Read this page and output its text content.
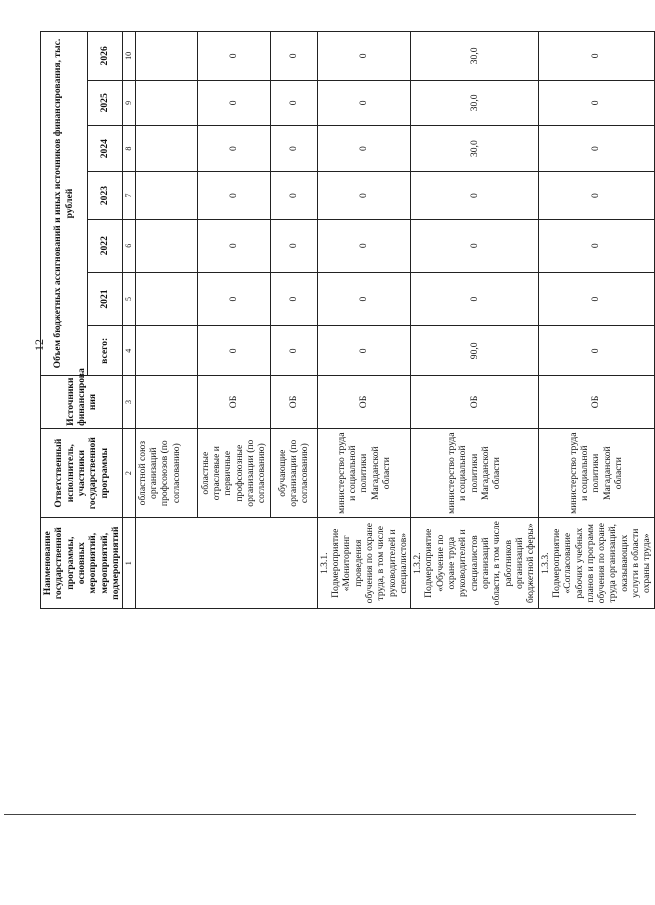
12
Наименование государственной программы, основных мероприятий, мероприятий, подмероприятий	Ответственный исполнитель, участники государственной программы	Источники финансирова ния	Объем бюджетных ассигнований и иных источников финансирования, тыс. рублей						
			всего:	2021	2022	2023	2024	2025	2026
1	2	3	4	5	6	7	8	9	10
	областной союз организаций профсоюзов (по согласованию)								
	областные отраслевые и первичные профсоюзные организации (по согласованию)	ОБ	0	0	0	0	0	0	0
	обучающие организации (по согласованию)	ОБ	0	0	0	0	0	0	0
1.3.1. Подмероприятие «Мониторинг проведения обучения по охране труда, в том числе руководителей и специалистов»	министерство труда и социальной политики Магаданской области	ОБ	0	0	0	0	0	0	0
1.3.2. Подмероприятие «Обучение по охране труда руководителей и специалистов организаций области, в том числе работников организаций бюджетной сферы»	министерство труда и социальной политики Магаданской области	ОБ	90,0	0	0	0	30,0	30,0	30,0
1.3.3. Подмероприятие «Согласование рабочих учебных планов и программ обучения по охране труда организаций, оказывающих услуги в области охраны труда»	министерство труда и социальной политики Магаданской области	ОБ	0	0	0	0	0	0	0
